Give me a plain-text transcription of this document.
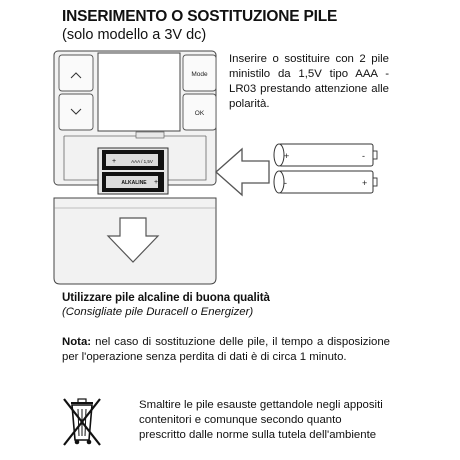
INSERIMENTO O SOSTITUZIONE PILE
(solo modello a 3V dc)
Mode
OK
AAA / 1,5V
ALKALINE
+
+
+	-
-	+
Inserire o sostituire con 2 pile ministilo da 1,5V tipo AAA - LR03 prestando attenzione alle polarità.
Utilizzare pile alcaline di buona qualità
(Consigliate pile Duracell o Energizer)
Nota: nel caso di sostituzione delle pile, il tempo a disposizione per l'operazione senza perdita di dati è di circa 1 minuto.
Smaltire le pile esauste gettandole negli appositi contenitori e comunque secondo quanto prescritto dalle norme sulla tutela dell'ambiente
